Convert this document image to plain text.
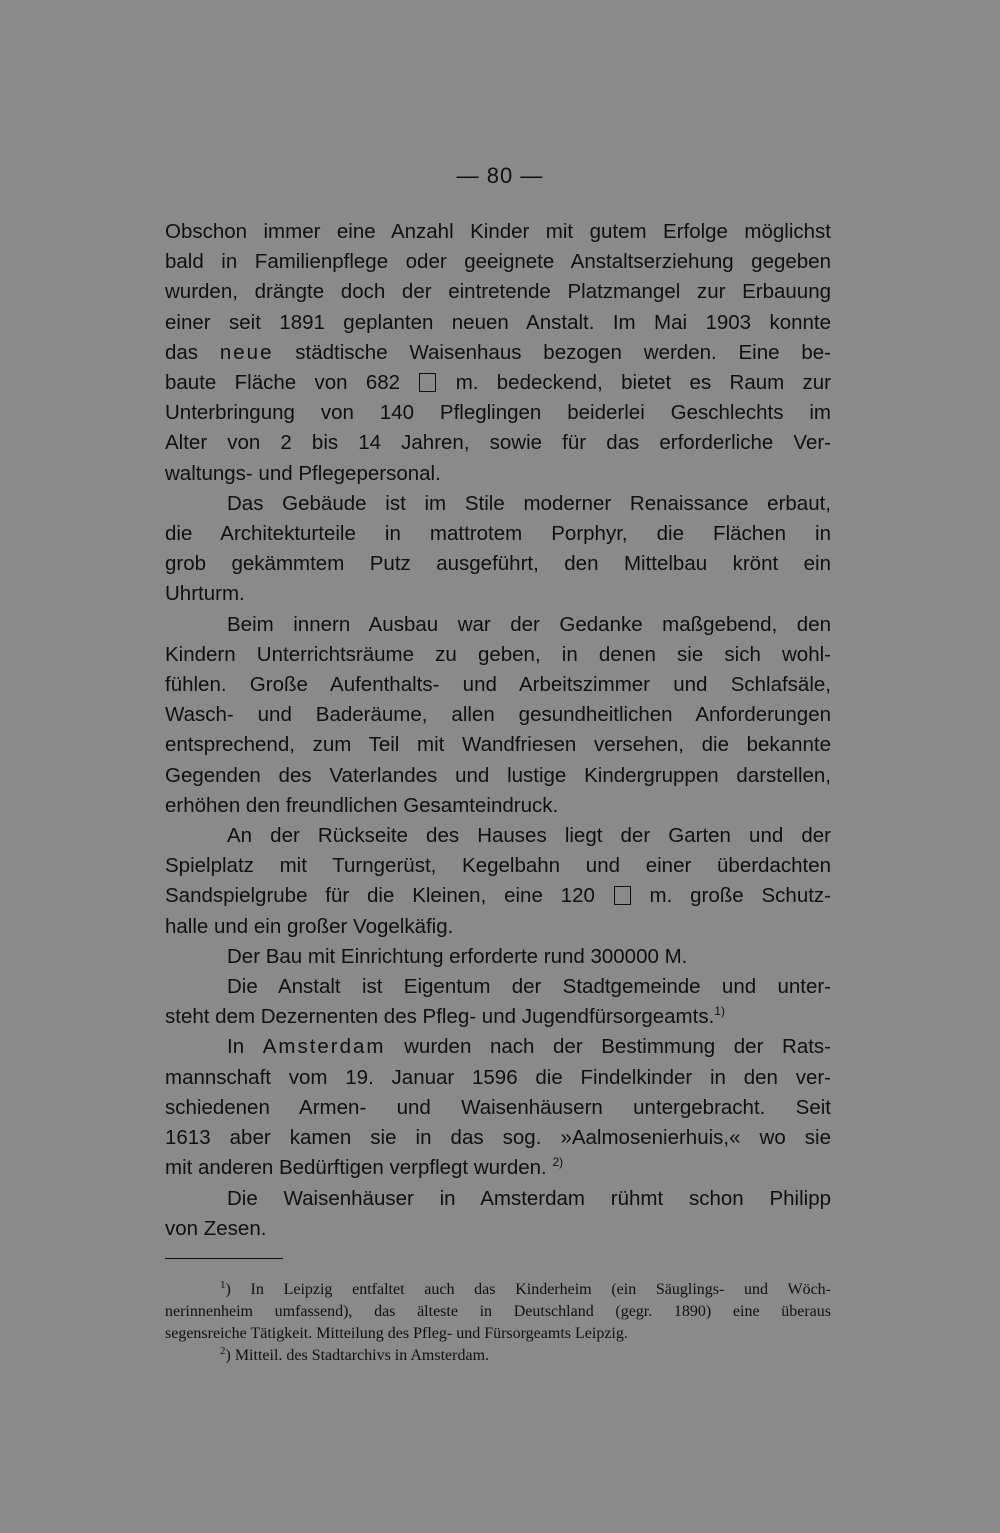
— 80 —
Obschon immer eine Anzahl Kinder mit gutem Erfolge möglichst
bald in Familienpflege oder geeignete Anstaltserziehung gegeben
wurden, drängte doch der eintretende Platzmangel zur Erbauung
einer seit 1891 geplanten neuen Anstalt. Im Mai 1903 konnte
das neue städtische Waisenhaus bezogen werden. Eine be-
baute Fläche von 682	m. bedeckend, bietet es Raum zur
Unterbringung von 140 Pfleglingen beiderlei Geschlechts im
Alter von 2 bis 14 Jahren, sowie für das erforderliche Ver-
waltungs- und Pflegepersonal.
Das Gebäude ist im Stile moderner Renaissance erbaut,
die Architekturteile in mattrotem Porphyr, die Flächen in
grob gekämmtem Putz ausgeführt, den Mittelbau krönt ein
Uhrturm.
Beim innern Ausbau war der Gedanke maßgebend, den
Kindern Unterrichtsräume zu geben, in denen sie sich wohl-
fühlen. Große Aufenthalts- und Arbeitszimmer und Schlafsäle,
Wasch- und Baderäume, allen gesundheitlichen Anforderungen
entsprechend, zum Teil mit Wandfriesen versehen, die bekannte
Gegenden des Vaterlandes und lustige Kindergruppen darstellen,
erhöhen den freundlichen Gesamteindruck.
An der Rückseite des Hauses liegt der Garten und der
Spielplatz mit Turngerüst, Kegelbahn und einer überdachten
Sandspielgrube für die Kleinen, eine 120	m. große Schutz-
halle und ein großer Vogelkäfig.
Der Bau mit Einrichtung erforderte rund 300000 M.
Die Anstalt ist Eigentum der Stadtgemeinde und unter-
steht dem Dezernenten des Pfleg- und Jugendfürsorgeamts.$^{1)}$
In Amsterdam wurden nach der Bestimmung der Rats-
mannschaft vom 19. Januar 1596 die Findelkinder in den ver-
schiedenen Armen- und Waisenhäusern untergebracht. Seit
1613 aber kamen sie in das sog. »Aalmosenierhuis,« wo sie
mit anderen Bedürftigen verpflegt wurden. $^{2)}$
Die Waisenhäuser in Amsterdam rühmt schon Philipp
von Zesen.
$^1$) In Leipzig entfaltet auch das Kinderheim (ein Säuglings- und Wöch-
nerinnenheim umfassend), das älteste in Deutschland (gegr. 1890) eine überaus
segensreiche Tätigkeit. Mitteilung des Pfleg- und Fürsorgeamts Leipzig.
$^2$) Mitteil. des Stadtarchivs in Amsterdam.
